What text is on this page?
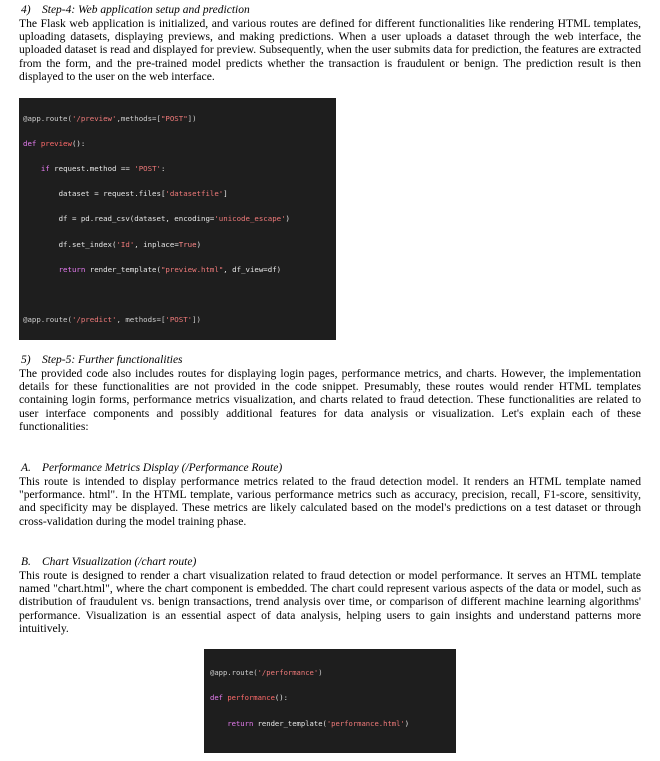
4) Step-4: Web application setup and prediction

The Flask web application is initialized, and various routes are defined for different functionalities like rendering HTML templates, uploading datasets, displaying previews, and making predictions. When a user uploads a dataset through the web interface, the uploaded dataset is read and displayed for preview. Subsequently, when the user submits data for prediction, the features are extracted from the form, and the pre-trained model predicts whether the transaction is fraudulent or benign. The prediction result is then displayed to the user on the web interface.

@app.route('/preview',methods=["POST"])

def preview():

if request.method == 'POST':

dataset = request.files['datasetfile']

df = pd.read_csv(dataset, encoding='unicode_escape')

df.set_index('Id', inplace=True)

return render_template("preview.html", df_view=df)

@app.route('/predict', methods=['POST'])

5) Step-5: Further functionalities

The provided code also includes routes for displaying login pages, performance metrics, and charts. However, the implementation details for these functionalities are not provided in the code snippet. Presumably, these routes would render HTML templates containing login forms, performance metrics visualization, and charts related to fraud detection. These functionalities are related to user interface components and possibly additional features for data analysis or visualization. Let's explain each of these functionalities:

A. Performance Metrics Display (/Performance Route)

This route is intended to display performance metrics related to the fraud detection model. It renders an HTML template named "performance. html". In the HTML template, various performance metrics such as accuracy, precision, recall, F1-score, sensitivity, and specificity may be displayed. These metrics are likely calculated based on the model's predictions on a test dataset or through cross-validation during the model training phase.

B. Chart Visualization (/chart route)

This route is designed to render a chart visualization related to fraud detection or model performance. It serves an HTML template named "chart.html", where the chart component is embedded. The chart could represent various aspects of the data or model, such as distribution of fraudulent vs. benign transactions, trend analysis over time, or comparison of different machine learning algorithms' performance. Visualization is an essential aspect of data analysis, helping users to gain insights and understand patterns more intuitively.

@app.route('/performance')

def performance():

return render_template('performance.html')
